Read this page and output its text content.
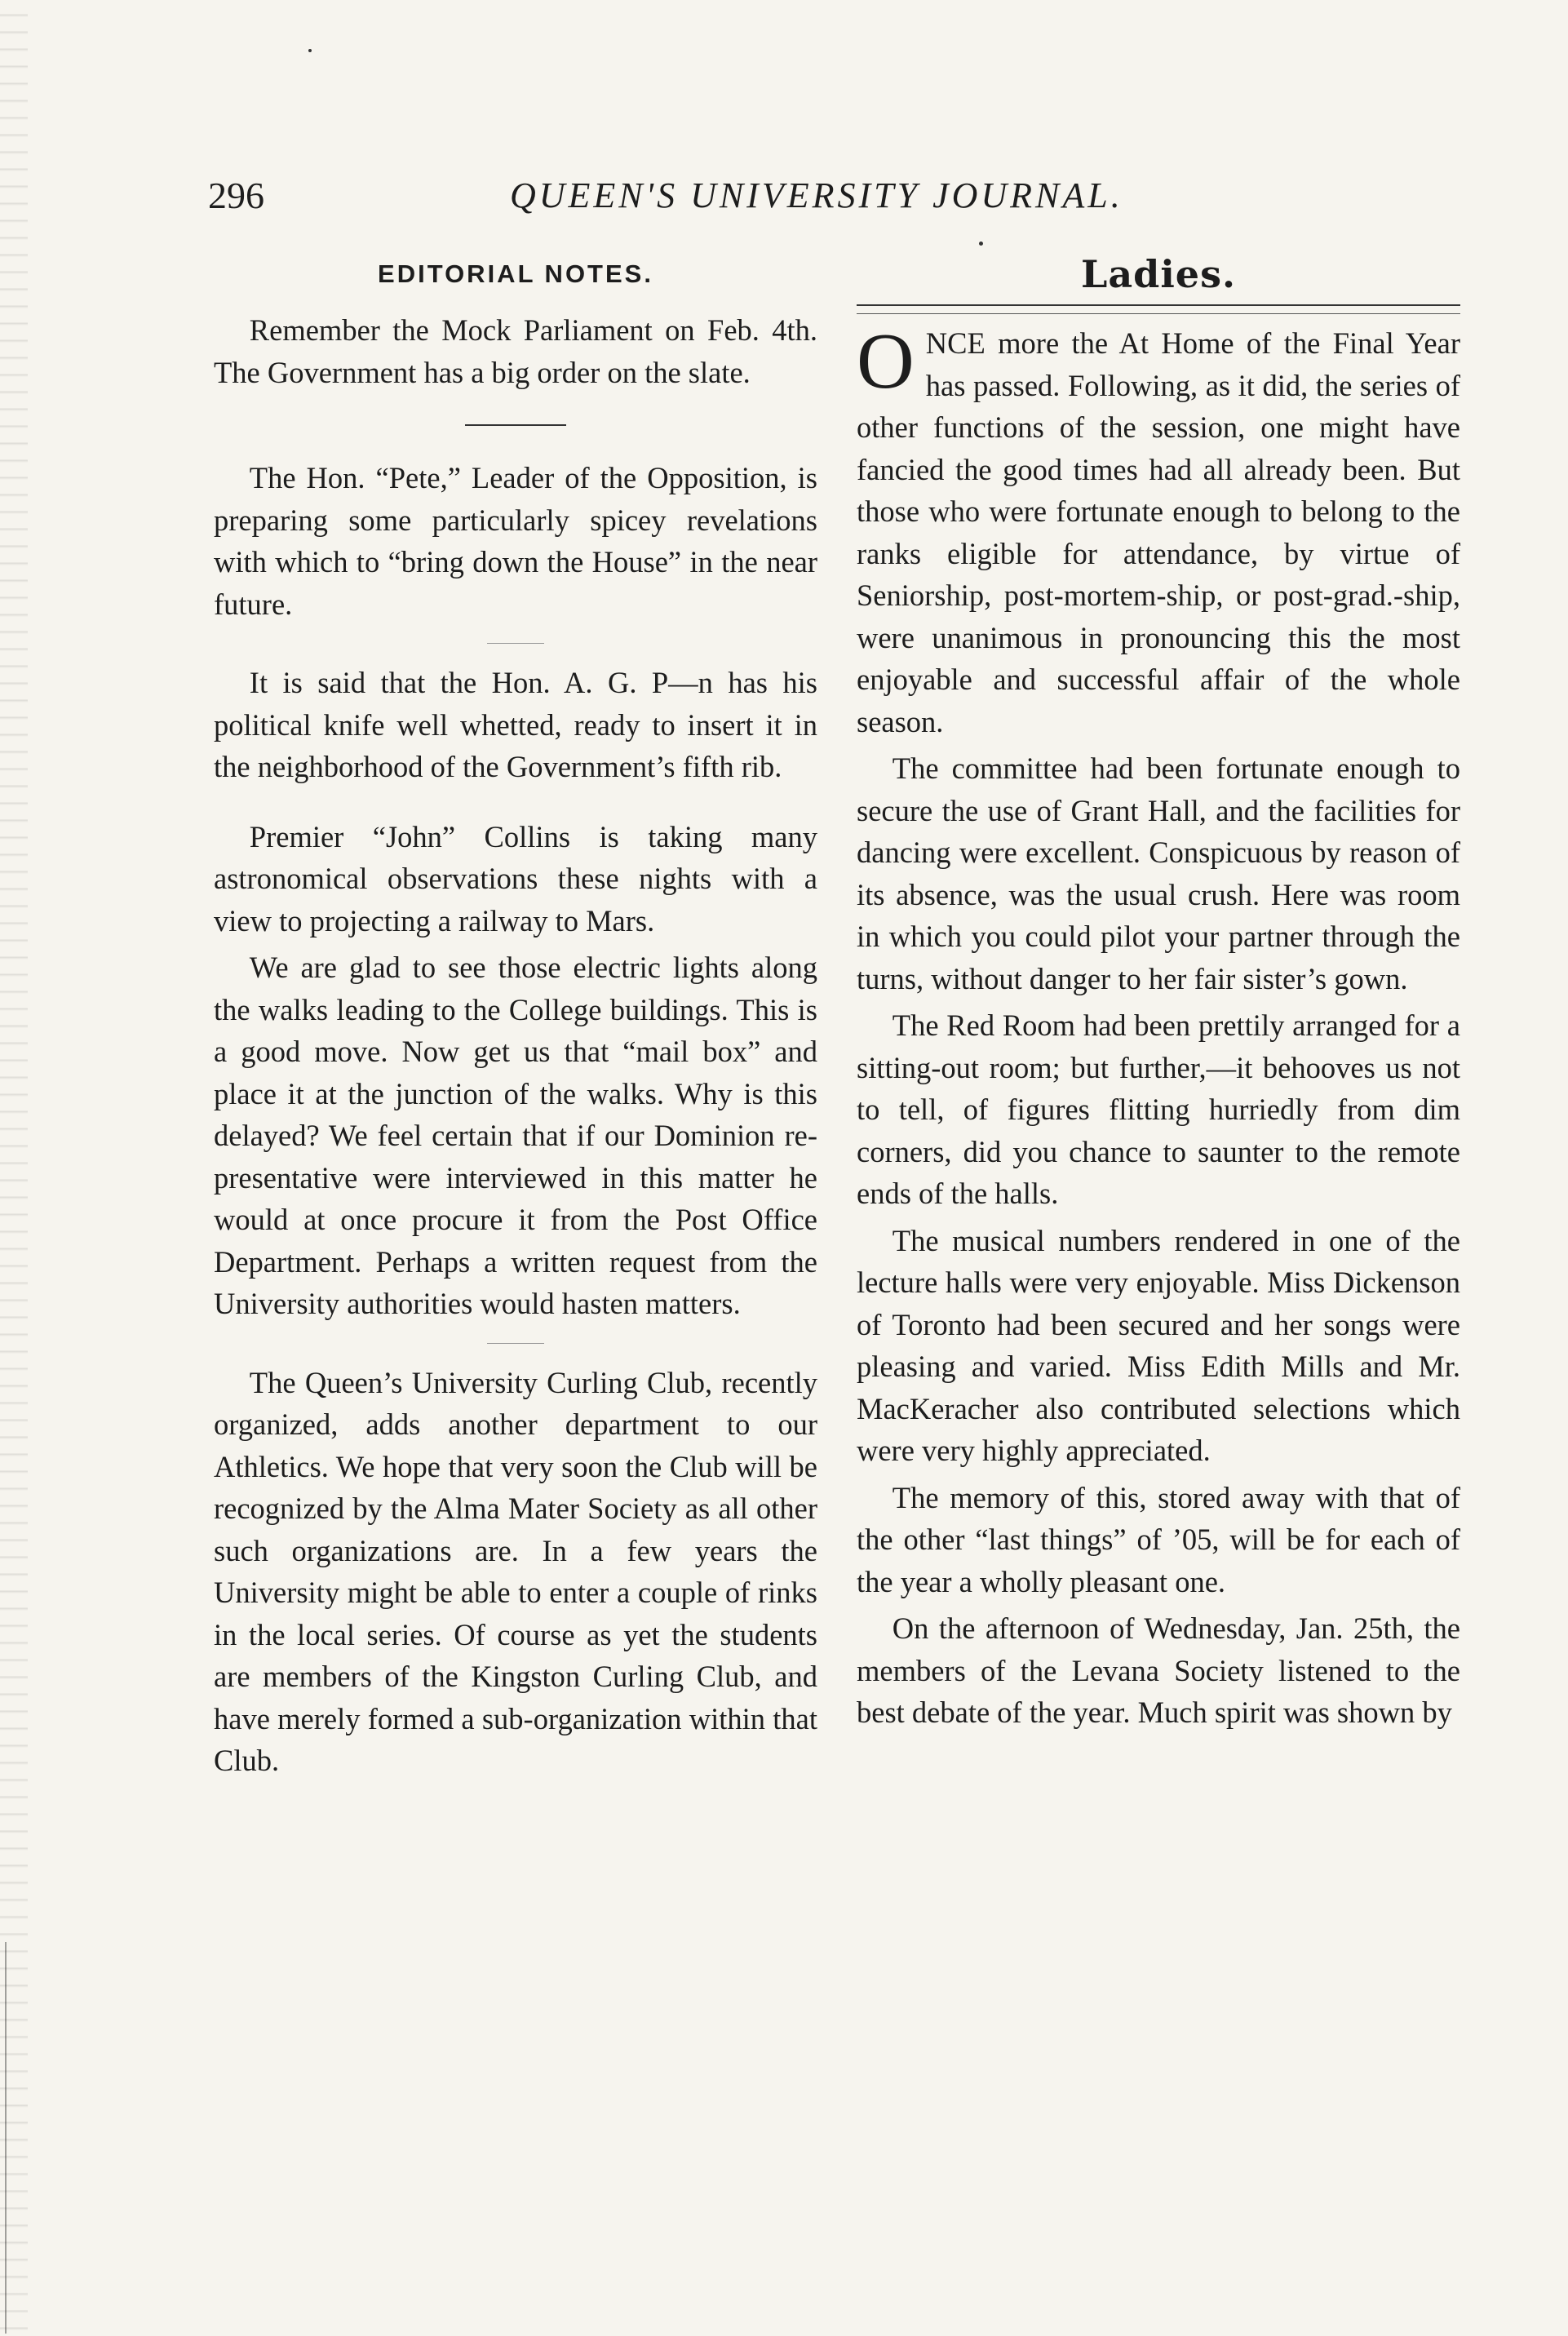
296	QUEEN'S UNIVERSITY JOURNAL.
EDITORIAL NOTES.

Remember the Mock Parliament on Feb. 4th. The Government has a big order on the slate.

The Hon. “Pete,” Leader of the Opposition, is preparing some particularly spicey revelations with which to “bring down the House” in the near future.

It is said that the Hon. A. G. P—n has his political knife well whetted, ready to insert it in the neighborhood of the Government’s fifth rib.

Premier “John” Collins is taking many astronomical observations these nights with a view to projecting a railway to Mars.

We are glad to see those electric lights along the walks leading to the College buildings. This is a good move. Now get us that “mail box” and place it at the junction of the walks. Why is this delayed? We feel certain that if our Dominion representative were interviewed in this matter he would at once procure it from the Post Office Department. Perhaps a written request from the University authorities would hasten matters.

The Queen’s University Curling Club, recently organized, adds another department to our Athletics. We hope that very soon the Club will be recognized by the Alma Mater Society as all other such organizations are. In a few years the University might be able to enter a couple of rinks in the local series. Of course as yet the students are members of the Kingston Curling Club, and have merely formed a sub-organization within that Club.

Ladies.

ONCE more the At Home of the Final Year has passed. Following, as it did, the series of other functions of the session, one might have fancied the good times had all already been. But those who were fortunate enough to belong to the ranks eligible for attendance, by virtue of Seniorship, post-mortem-ship, or post-grad.-ship, were unanimous in pronouncing this the most enjoyable and successful affair of the whole season.

The committee had been fortunate enough to secure the use of Grant Hall, and the facilities for dancing were excellent. Conspicuous by reason of its absence, was the usual crush. Here was room in which you could pilot your partner through the turns, without danger to her fair sister’s gown.

The Red Room had been prettily arranged for a sitting-out room; but further,—it behooves us not to tell, of figures flitting hurriedly from dim corners, did you chance to saunter to the remote ends of the halls.

The musical numbers rendered in one of the lecture halls were very enjoyable. Miss Dickenson of Toronto had been secured and her songs were pleasing and varied. Miss Edith Mills and Mr. MacKeracher also contributed selections which were very highly appreciated.

The memory of this, stored away with that of the other “last things” of ’05, will be for each of the year a wholly pleasant one.

On the afternoon of Wednesday, Jan. 25th, the members of the Levana Society listened to the best debate of the year. Much spirit was shown by
